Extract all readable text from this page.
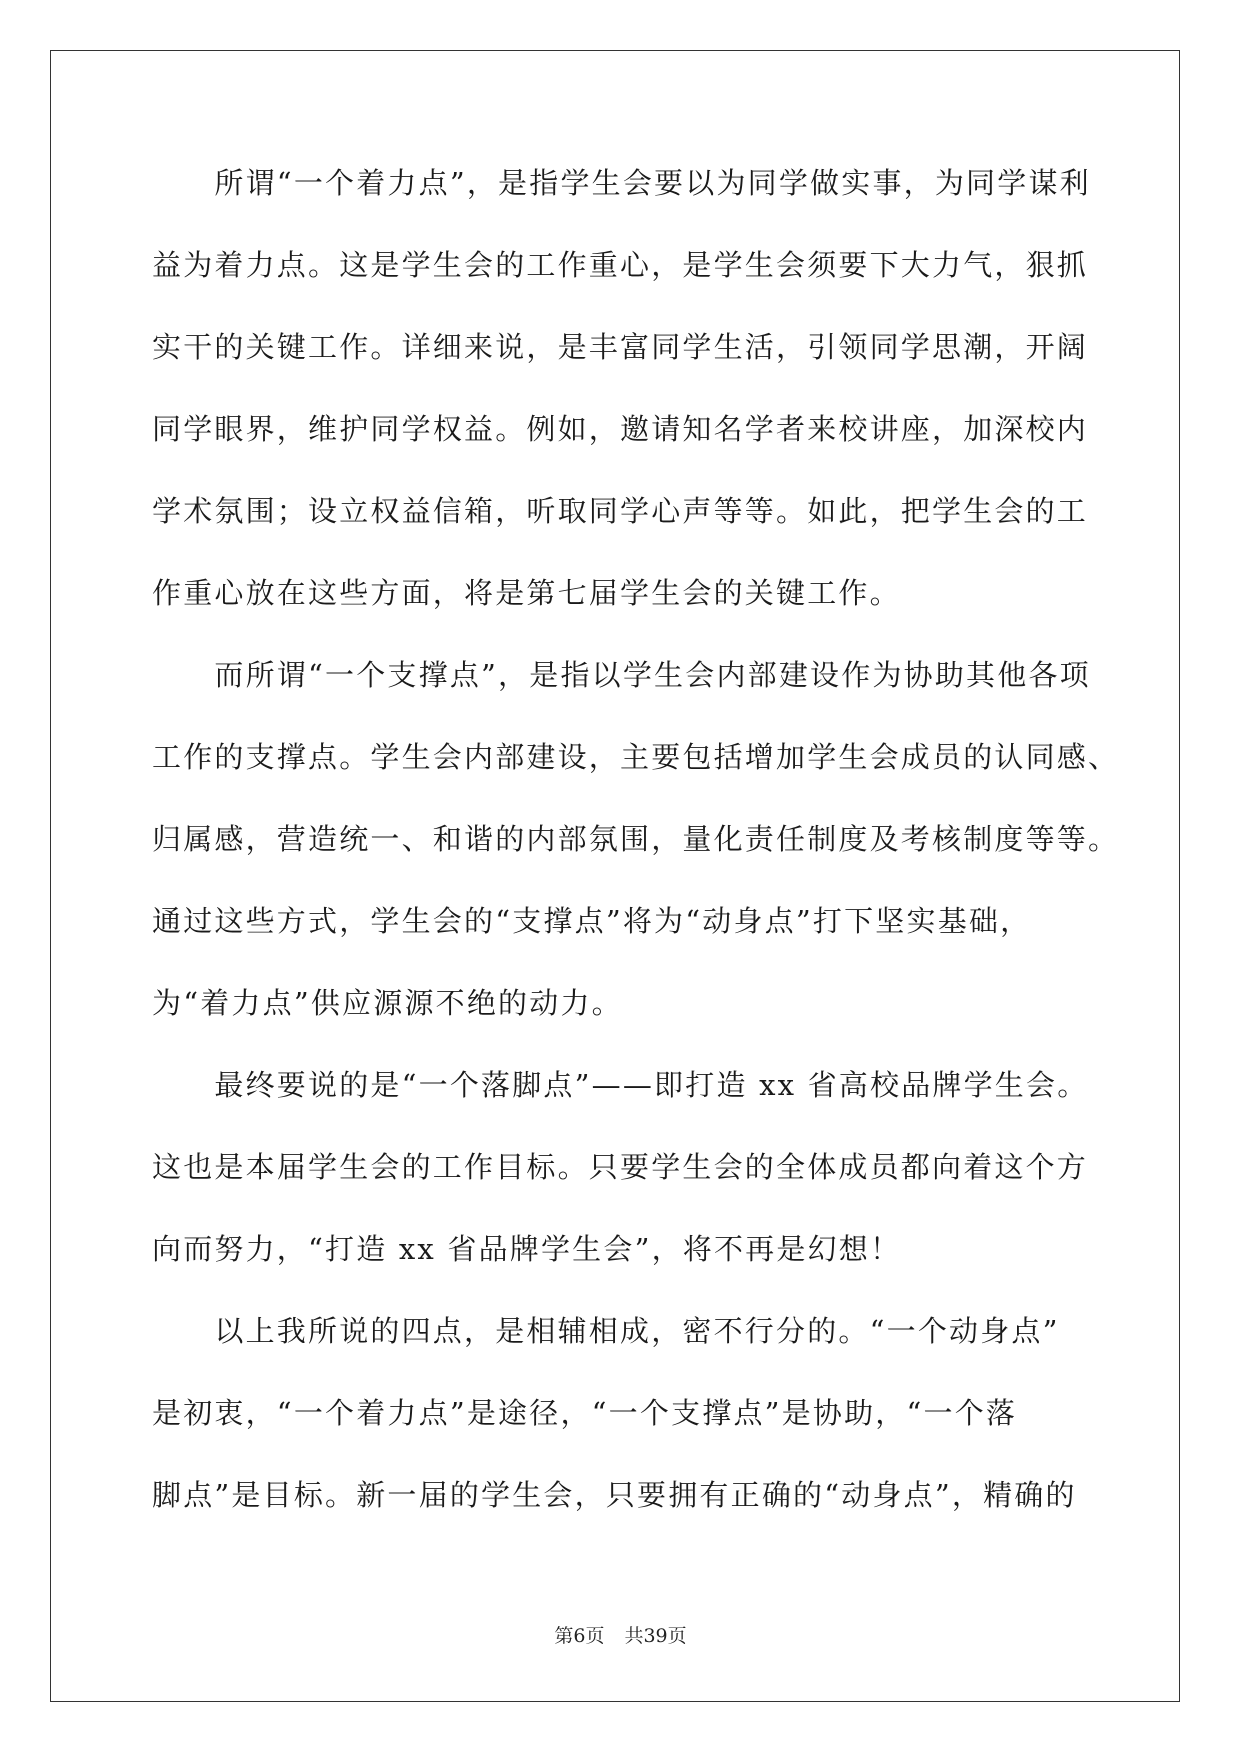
　　所谓“一个着力点”，是指学生会要以为同学做实事，为同学谋利
益为着力点。这是学生会的工作重心，是学生会须要下大力气，狠抓
实干的关键工作。详细来说，是丰富同学生活，引领同学思潮，开阔
同学眼界，维护同学权益。例如，邀请知名学者来校讲座，加深校内
学术氛围；设立权益信箱，听取同学心声等等。如此，把学生会的工
作重心放在这些方面，将是第七届学生会的关键工作。
　　而所谓“一个支撑点”，是指以学生会内部建设作为协助其他各项
工作的支撑点。学生会内部建设，主要包括增加学生会成员的认同感、
归属感，营造统一、和谐的内部氛围，量化责任制度及考核制度等等。
通过这些方式，学生会的“支撑点”将为“动身点”打下坚实基础，
为“着力点”供应源源不绝的动力。
　　最终要说的是“一个落脚点”——即打造 xx 省高校品牌学生会。
这也是本届学生会的工作目标。只要学生会的全体成员都向着这个方
向而努力，“打造 xx 省品牌学生会”，将不再是幻想！
　　以上我所说的四点，是相辅相成，密不行分的。“一个动身点”
是初衷，“一个着力点”是途径，“一个支撑点”是协助，“一个落
脚点”是目标。新一届的学生会，只要拥有正确的“动身点”，精确的
第6页 共39页
